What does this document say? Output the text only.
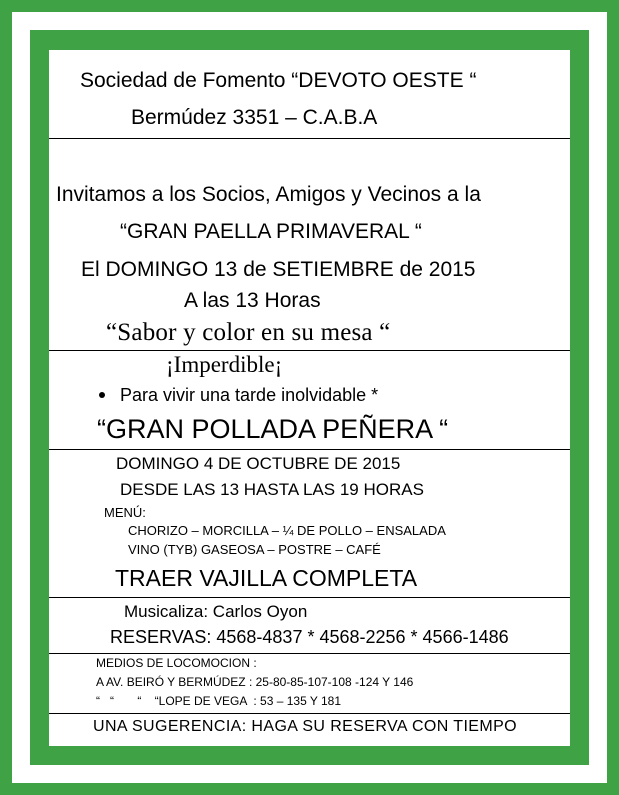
Sociedad de Fomento “DEVOTO OESTE “
Bermúdez 3351 – C.A.B.A
Invitamos a los Socios, Amigos y Vecinos a la
“GRAN PAELLA PRIMAVERAL “
El DOMINGO 13 de SETIEMBRE de 2015
A las 13 Horas
“Sabor y color en su mesa “
¡Imperdible¡
Para vivir una tarde inolvidable *
“GRAN POLLADA PEÑERA “
DOMINGO 4 DE OCTUBRE DE 2015
DESDE LAS 13 HASTA LAS 19 HORAS
MENÚ:
CHORIZO – MORCILLA – ¼ DE POLLO – ENSALADA
VINO (TYB) GASEOSA – POSTRE – CAFÉ
TRAER VAJILLA COMPLETA
Musicaliza: Carlos Oyon
RESERVAS: 4568-4837 * 4568-2256 * 4566-1486
MEDIOS DE LOCOMOCION :
A AV. BEIRÓ Y BERMÚDEZ : 25-80-85-107-108 -124 Y 146
“   “       “    “LOPE DE VEGA  : 53 – 135 Y 181
UNA SUGERENCIA: HAGA SU RESERVA CON TIEMPO
